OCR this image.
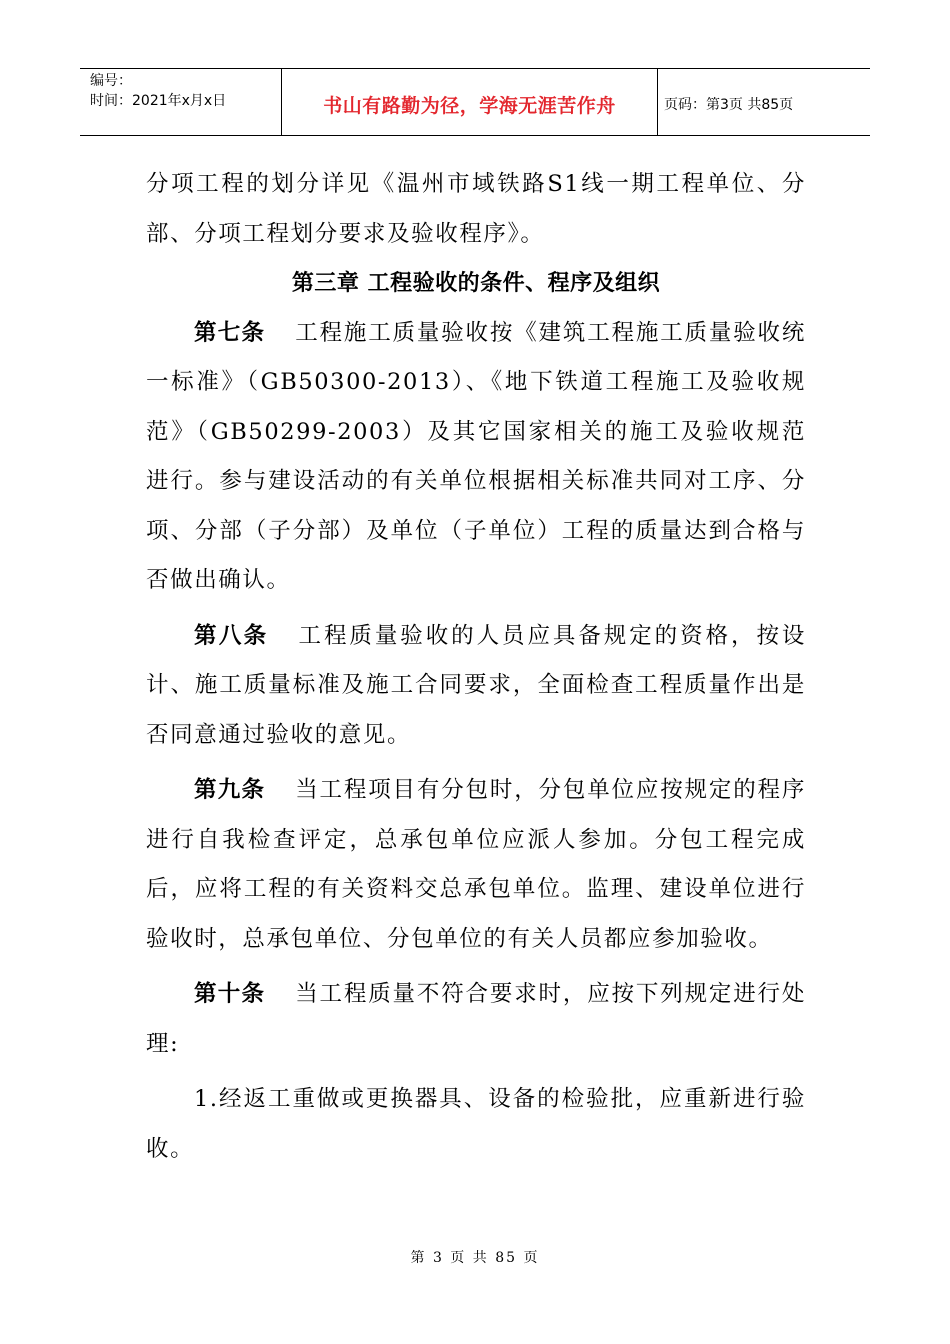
编号：
时间：2021年x月x日	书山有路勤为径，学海无涯苦作舟	页码：第3页 共85页

分项工程的划分详见《温州市域铁路S1线一期工程单位、分部、分项工程划分要求及验收程序》。

第三章 工程验收的条件、程序及组织

第七条 工程施工质量验收按《建筑工程施工质量验收统一标准》（GB50300-2013）、《地下铁道工程施工及验收规范》（GB50299-2003）及其它国家相关的施工及验收规范进行。参与建设活动的有关单位根据相关标准共同对工序、分项、分部（子分部）及单位（子单位）工程的质量达到合格与否做出确认。

第八条 工程质量验收的人员应具备规定的资格，按设计、施工质量标准及施工合同要求，全面检查工程质量作出是否同意通过验收的意见。

第九条 当工程项目有分包时，分包单位应按规定的程序进行自我检查评定，总承包单位应派人参加。分包工程完成后，应将工程的有关资料交总承包单位。监理、建设单位进行验收时，总承包单位、分包单位的有关人员都应参加验收。

第十条 当工程质量不符合要求时，应按下列规定进行处理:

1.经返工重做或更换器具、设备的检验批，应重新进行验收。

第 3 页 共 85 页
